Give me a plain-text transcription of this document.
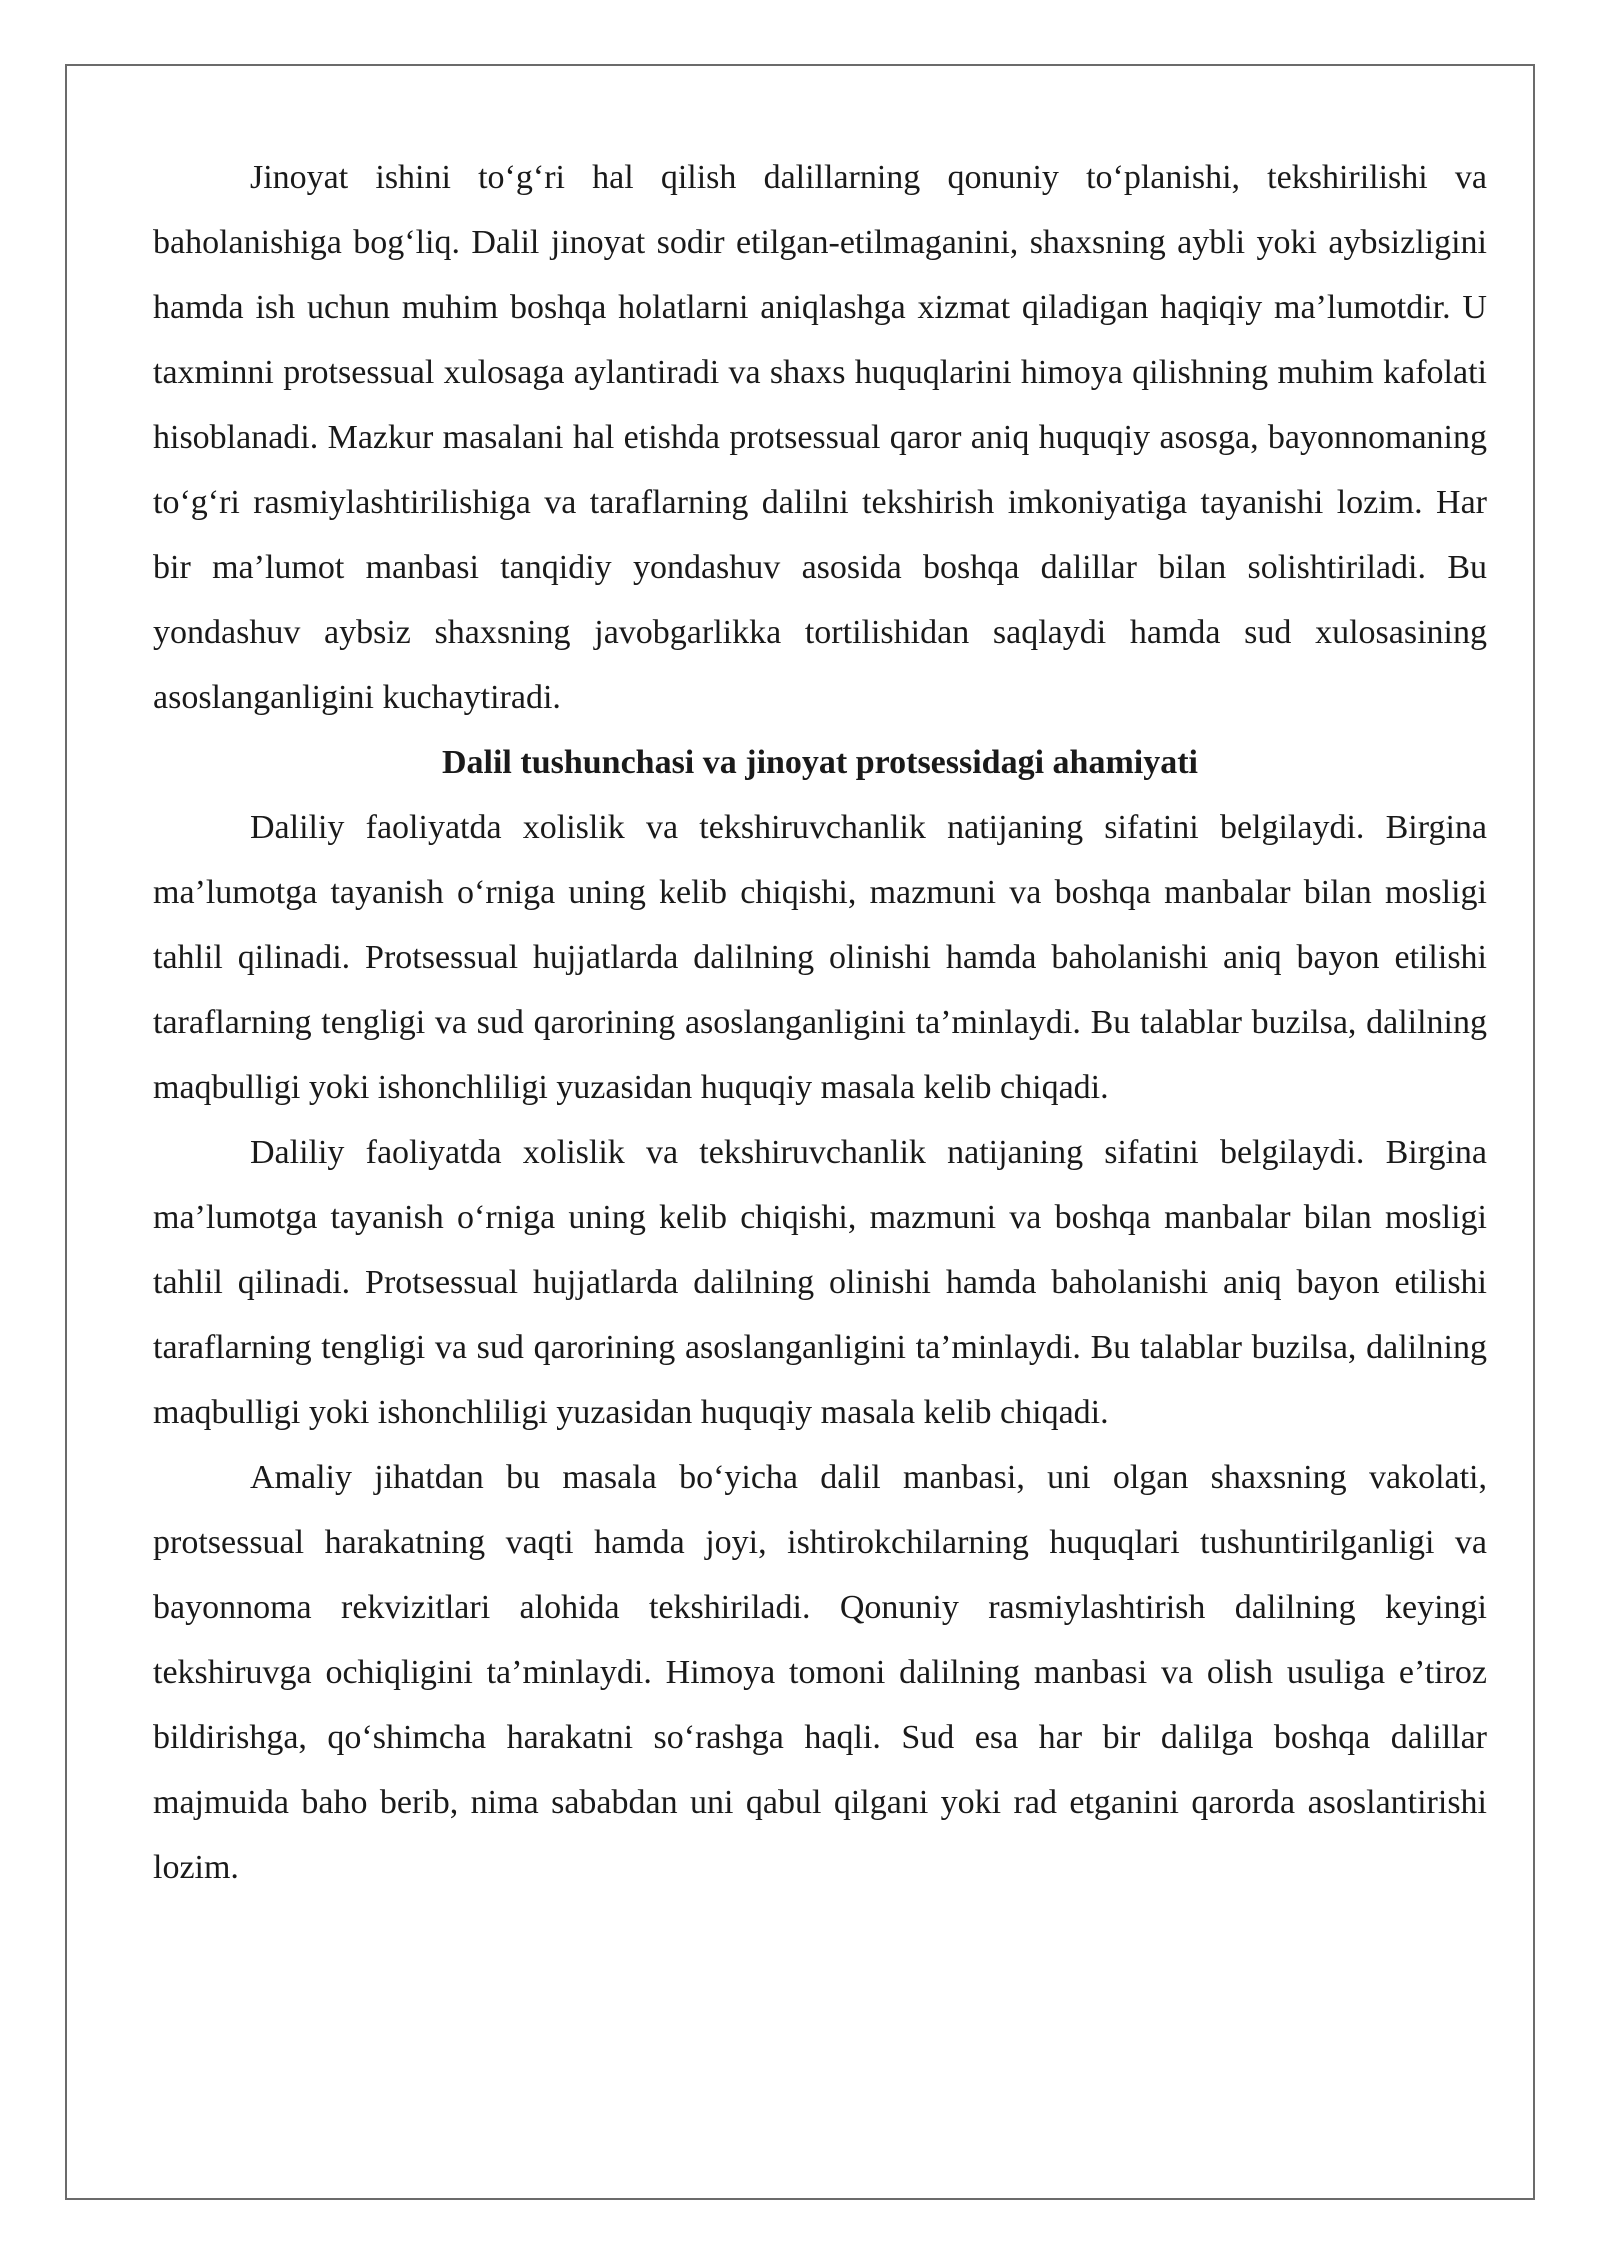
Jinoyat ishini to‘g‘ri hal qilish dalillarning qonuniy to‘planishi, tekshirilishi va baholanishiga bog‘liq. Dalil jinoyat sodir etilgan-etilmaganini, shaxsning aybli yoki aybsizligini hamda ish uchun muhim boshqa holatlarni aniqlashga xizmat qiladigan haqiqiy ma’lumotdir. U taxminni protsessual xulosaga aylantiradi va shaxs huquqlarini himoya qilishning muhim kafolati hisoblanadi. Mazkur masalani hal etishda protsessual qaror aniq huquqiy asosga, bayonnomaning to‘g‘ri rasmiylashtirilishiga va taraflarning dalilni tekshirish imkoniyatiga tayanishi lozim. Har bir ma’lumot manbasi tanqidiy yondashuv asosida boshqa dalillar bilan solishtiriladi. Bu yondashuv aybsiz shaxsning javobgarlikka tortilishidan saqlaydi hamda sud xulosasining asoslanganligini kuchaytiradi.

Dalil tushunchasi va jinoyat protsessidagi ahamiyati

Daliliy faoliyatda xolislik va tekshiruvchanlik natijaning sifatini belgilaydi. Birgina ma’lumotga tayanish o‘rniga uning kelib chiqishi, mazmuni va boshqa manbalar bilan mosligi tahlil qilinadi. Protsessual hujjatlarda dalilning olinishi hamda baholanishi aniq bayon etilishi taraflarning tengligi va sud qarorining asoslanganligini ta’minlaydi. Bu talablar buzilsa, dalilning maqbulligi yoki ishonchliligi yuzasidan huquqiy masala kelib chiqadi.

Daliliy faoliyatda xolislik va tekshiruvchanlik natijaning sifatini belgilaydi. Birgina ma’lumotga tayanish o‘rniga uning kelib chiqishi, mazmuni va boshqa manbalar bilan mosligi tahlil qilinadi. Protsessual hujjatlarda dalilning olinishi hamda baholanishi aniq bayon etilishi taraflarning tengligi va sud qarorining asoslanganligini ta’minlaydi. Bu talablar buzilsa, dalilning maqbulligi yoki ishonchliligi yuzasidan huquqiy masala kelib chiqadi.

Amaliy jihatdan bu masala bo‘yicha dalil manbasi, uni olgan shaxsning vakolati, protsessual harakatning vaqti hamda joyi, ishtirokchilarning huquqlari tushuntirilganligi va bayonnoma rekvizitlari alohida tekshiriladi. Qonuniy rasmiylashtirish dalilning keyingi tekshiruvga ochiqligini ta’minlaydi. Himoya tomoni dalilning manbasi va olish usuliga e’tiroz bildirishga, qo‘shimcha harakatni so‘rashga haqli. Sud esa har bir dalilga boshqa dalillar majmuida baho berib, nima sababdan uni qabul qilgani yoki rad etganini qarorda asoslantirishi lozim.
